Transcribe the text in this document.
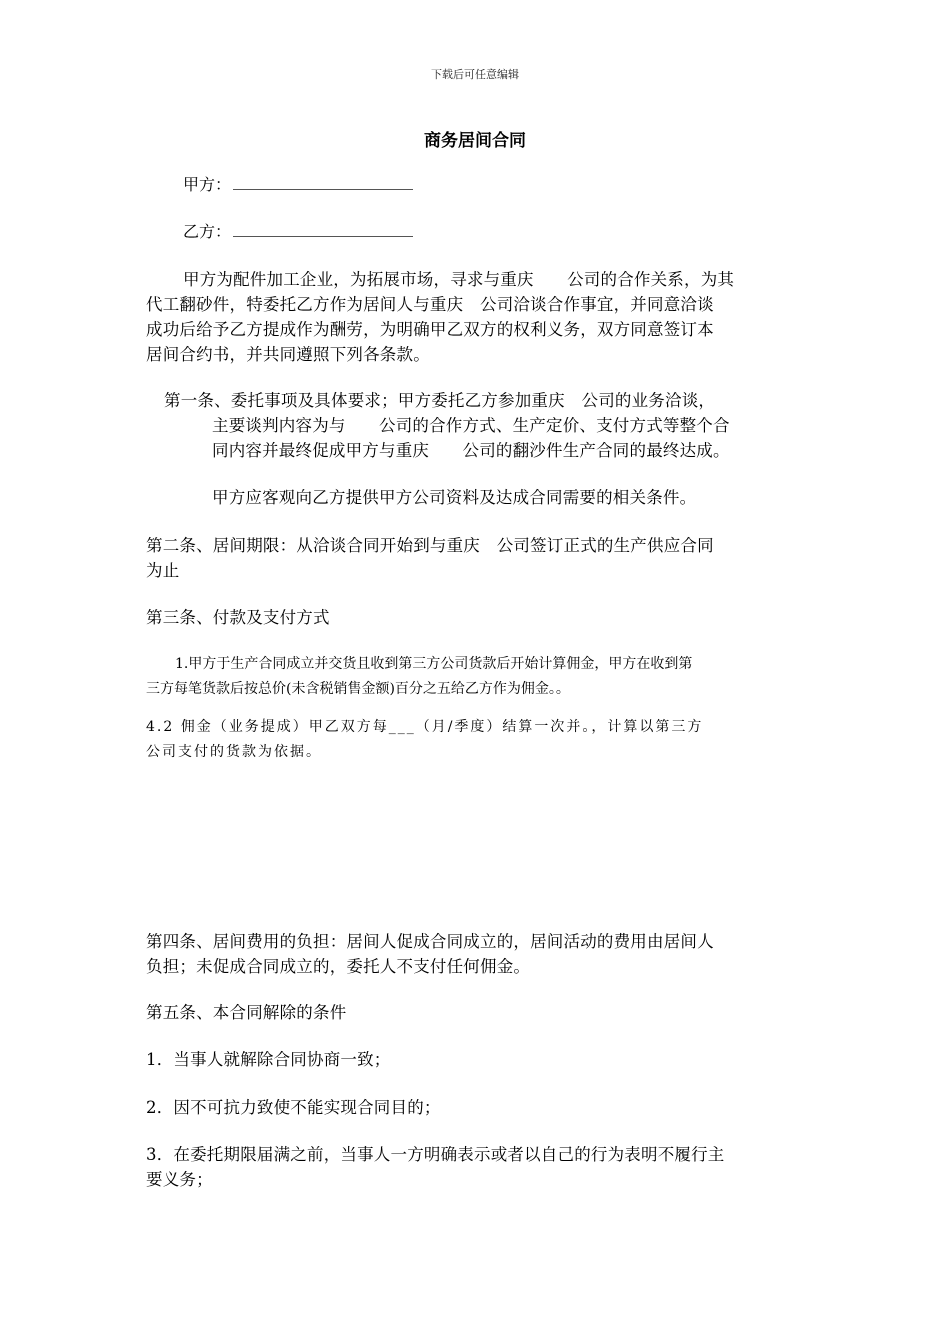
下载后可任意编辑
商务居间合同
甲方：
乙方：
甲方为配件加工企业，为拓展市场，寻求与重庆　　公司的合作关系，为其
代工翻砂件，特委托乙方作为居间人与重庆　公司洽谈合作事宜，并同意洽谈
成功后给予乙方提成作为酬劳，为明确甲乙双方的权利义务，双方同意签订本
居间合约书，并共同遵照下列各条款。
第一条、委托事项及具体要求；甲方委托乙方参加重庆　公司的业务洽谈，
主要谈判内容为与　　公司的合作方式、生产定价、支付方式等整个合
同内容并最终促成甲方与重庆　　公司的翻沙件生产合同的最终达成。
甲方应客观向乙方提供甲方公司资料及达成合同需要的相关条件。
第二条、居间期限：从洽谈合同开始到与重庆　公司签订正式的生产供应合同
为止
第三条、付款及支付方式
1.甲方于生产合同成立并交货且收到第三方公司货款后开始计算佣金，甲方在收到第
三方每笔货款后按总价(未含税销售金额)百分之五给乙方作为佣金。。
4.2 佣金（业务提成）甲乙双方每___（月/季度）结算一次并。，计算以第三方
公司支付的货款为依据。
第四条、居间费用的负担：居间人促成合同成立的，居间活动的费用由居间人
负担；未促成合同成立的，委托人不支付任何佣金。
第五条、本合同解除的条件
1．当事人就解除合同协商一致；
2．因不可抗力致使不能实现合同目的；
3．在委托期限届满之前，当事人一方明确表示或者以自己的行为表明不履行主
要义务；
